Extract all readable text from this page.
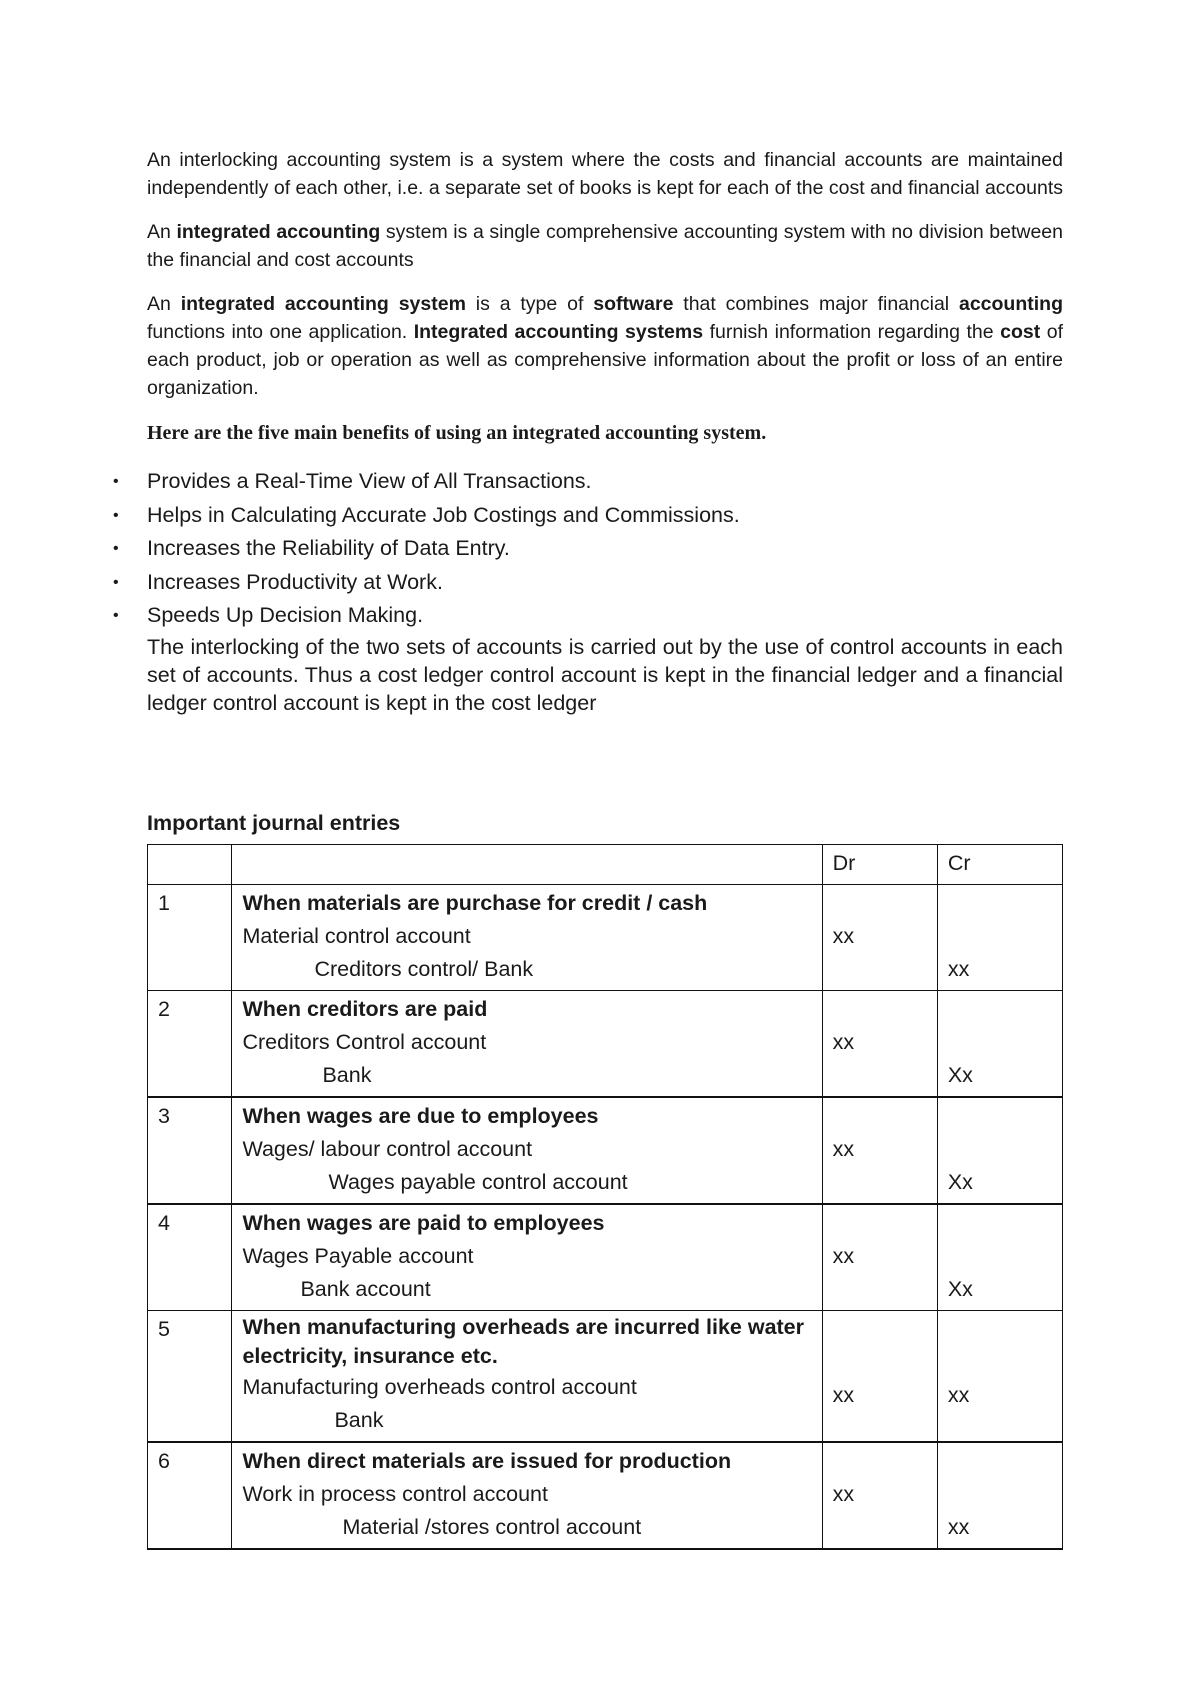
An interlocking accounting system is a system where the costs and financial accounts are maintained independently of each other, i.e. a separate set of books is kept for each of the cost and financial accounts

An integrated accounting system is a single comprehensive accounting system with no division between the financial and cost accounts

An integrated accounting system is a type of software that combines major financial accounting functions into one application. Integrated accounting systems furnish information regarding the cost of each product, job or operation as well as comprehensive information about the profit or loss of an entire organization.

Here are the five main benefits of using an integrated accounting system.

• Provides a Real-Time View of All Transactions.
• Helps in Calculating Accurate Job Costings and Commissions.
• Increases the Reliability of Data Entry.
• Increases Productivity at Work.
• Speeds Up Decision Making.

The interlocking of the two sets of accounts is carried out by the use of control accounts in each set of accounts. Thus a cost ledger control account is kept in the financial ledger and a financial ledger control account is kept in the cost ledger

Important journal entries

		Dr	Cr

1	When materials are purchase for credit / cash
Material control account
Creditors control/ Bank	xx	xx

2	When creditors are paid
Creditors Control account
Bank	xx	Xx

3	When wages are due to employees
Wages/ labour control account
Wages payable control account	xx	Xx

4	When wages are paid to employees
Wages Payable account
Bank account	xx	Xx

5	When manufacturing overheads are incurred like water electricity, insurance etc.
Manufacturing overheads control account
Bank	xx	xx

6	When direct materials are issued for production
Work in process control account
Material /stores control account	xx	xx
